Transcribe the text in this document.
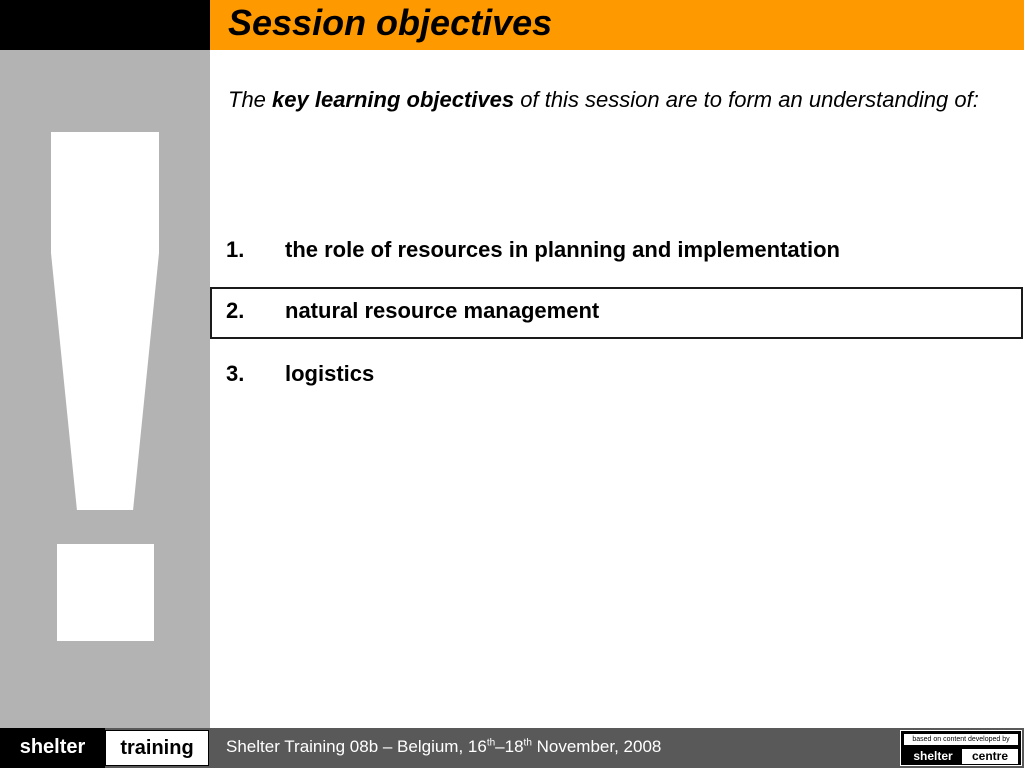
Session objectives
The key learning objectives of this session are to form an understanding of:
1. the role of resources in planning and implementation
2. natural resource management
3. logistics
shelter	training	Shelter Training 08b – Belgium, 16th–18th November, 2008	based on content developed by
shelter	centre
